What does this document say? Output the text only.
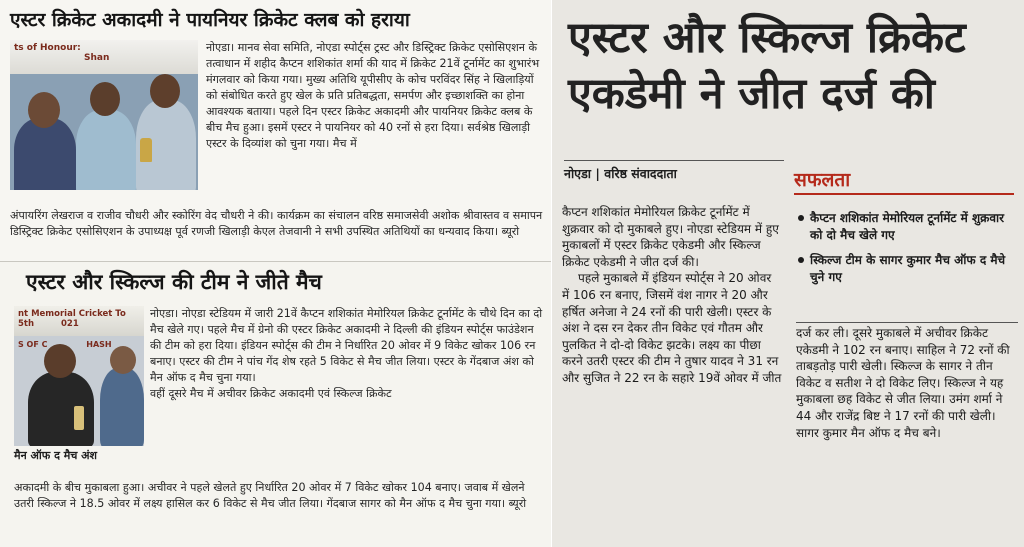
एस्टर क्रिकेट अकादमी ने पायनियर क्रिकेट क्लब को हराया
ts of Honour:
Shan

नोएडा। मानव सेवा समिति, नोएडा स्पोर्ट्स ट्रस्ट और डिस्ट्रिक्ट क्रिकेट एसोसिएशन के तत्वाधान में शहीद कैप्टन शशिकांत शर्मा की याद में क्रिकेट 21वें टूर्नामेंट का शुभारंभ मंगलवार को किया गया। मुख्य अतिथि यूपीसीए के कोच परविंदर सिंह ने खिलाड़ियों को संबोधित करते हुए खेल के प्रति प्रतिबद्धता, समर्पण और इच्छाशक्ति का होना आवश्यक बताया। पहले दिन एस्टर क्रिकेट अकादमी और पायनियर क्रिकेट क्लब के बीच मैच हुआ। इसमें एस्टर ने पायनियर को 40 रनों से हरा दिया। सर्वश्रेष्ठ खिलाड़ी एस्टर के दिव्यांश को चुना गया। मैच में

अंपायरिंग लेखराज व राजीव चौधरी और स्कोरिंग वेद चौधरी ने की। कार्यक्रम का संचालन वरिष्ठ समाजसेवी अशोक श्रीवास्तव व समापन डिस्ट्रिक्ट क्रिकेट एसोसिएशन के उपाध्यक्ष पूर्व रणजी खिलाड़ी केएल तेजवानी ने सभी उपस्थित अतिथियों का धन्यवाद किया। ब्यूरो

एस्टर और स्किल्ज की टीम ने जीते मैच
nt Memorial Cricket To
5th	021
S OF C	HASH
मैन ऑफ द मैच अंश

नोएडा। नोएडा स्टेडियम में जारी 21वें कैप्टन शशिकांत मेमोरियल क्रिकेट टूर्नामेंट के चौथे दिन का दो मैच खेले गए। पहले मैच में ग्रेनो की एस्टर क्रिकेट अकादमी ने दिल्ली की इंडियन स्पोर्ट्स फाउंडेशन की टीम को हरा दिया। इंडियन स्पोर्ट्स की टीम ने निर्धारित 20 ओवर में 9 विकेट खोकर 106 रन बनाए। एस्टर की टीम ने पांच गेंद शेष रहते 5 विकेट से मैच जीत लिया। एस्टर के गेंदबाज अंश को मैन ऑफ द मैच चुना गया।

वहीं दूसरे मैच में अचीवर क्रिकेट अकादमी एवं स्किल्ज क्रिकेट

अकादमी के बीच मुकाबला हुआ। अचीवर ने पहले खेलते हुए निर्धारित 20 ओवर में 7 विकेट खोकर 104 बनाए। जवाब में खेलने उतरी स्किल्ज ने 18.5 ओवर में लक्ष्य हासिल कर 6 विकेट से मैच जीत लिया। गेंदबाज सागर को मैन ऑफ द मैच चुना गया। ब्यूरो

एस्टर और स्किल्ज क्रिकेट
एकडेमी ने जीत दर्ज की
नोएडा | वरिष्ठ संवाददाता

कैप्टन शशिकांत मेमोरियल क्रिकेट टूर्नामेंट में शुक्रवार को दो मुकाबले हुए। नोएडा स्टेडियम में हुए मुकाबलों में एस्टर क्रिकेट एकेडमी और स्किल्ज क्रिकेट एकेडमी ने जीत दर्ज की।

पहले मुकाबले में इंडियन स्पोर्ट्स ने 20 ओवर में 106 रन बनाए, जिसमें वंश नागर ने 20 और हर्षित अनेजा ने 24 रनों की पारी खेली। एस्टर के अंश ने दस रन देकर तीन विकेट एवं गौतम और पुलकित ने दो-दो विकेट झटके। लक्ष्य का पीछा करने उतरी एस्टर की टीम ने तुषार यादव ने 31 रन और सुजित ने 22 रन के सहारे 19वें ओवर में जीत

सफलता
कैप्टन शशिकांत मेमोरियल टूर्नामेंट में शुक्रवार को दो मैच खेले गए
स्किल्ज टीम के सागर कुमार मैच ऑफ द मैचे चुने गए

दर्ज कर ली। दूसरे मुकाबले में अचीवर क्रिकेट एकेडमी ने 102 रन बनाए। साहिल ने 72 रनों की ताबड़तोड़ पारी खेली। स्किल्ज के सागर ने तीन विकेट व सतीश ने दो विकेट लिए। स्किल्ज ने यह मुकाबला छह विकेट से जीत लिया। उमंग शर्मा ने 44 और राजेंद्र बिष्ट ने 17 रनों की पारी खेली। सागर कुमार मैन ऑफ द मैच बने।
